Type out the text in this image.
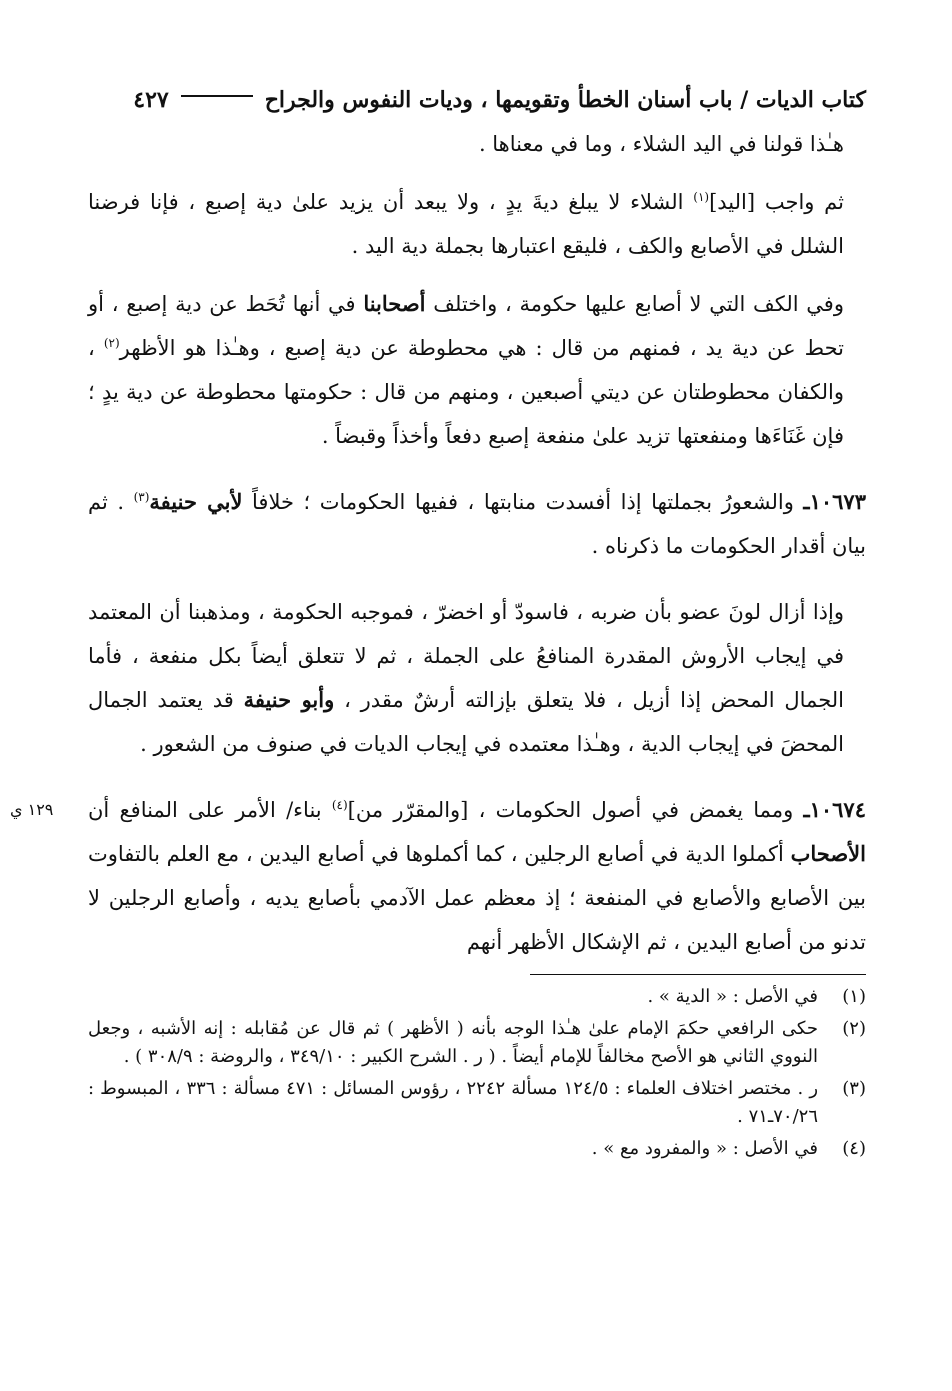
كتاب الديات / باب أسنان الخطأ وتقويمها ، وديات النفوس والجراح
٤٢٧

هـٰذا قولنا في اليد الشلاء ، وما في معناها .

ثم واجب [اليد]$^{(١)}$ الشلاء لا يبلغ ديةَ يدٍ ، ولا يبعد أن يزيد علىٰ دية إصبع ، فإنا فرضنا الشلل في الأصابع والكف ، فليقع اعتبارها بجملة دية اليد .

وفي الكف التي لا أصابع عليها حكومة ، واختلف أصحابنا في أنها تُحَط عن دية إصبع ، أو تحط عن دية يد ، فمنهم من قال : هي محطوطة عن دية إصبع ، وهـٰذا هو الأظهر$^{(٢)}$ ، والكفان محطوطتان عن ديتي أصبعين ، ومنهم من قال : حكومتها محطوطة عن دية يدٍ ؛ فإن غَنَاءَها ومنفعتها تزيد علىٰ منفعة إصبع دفعاً وأخذاً وقبضاً .

١٠٦٧٣ـ والشعورُ بجملتها إذا أفسدت منابتها ، ففيها الحكومات ؛ خلافاً لأبي حنيفة$^{(٣)}$ . ثم بيان أقدار الحكومات ما ذكرناه .

وإذا أزال لونَ عضو بأن ضربه ، فاسودّ أو اخضرّ ، فموجبه الحكومة ، ومذهبنا أن المعتمد في إيجاب الأروش المقدرة المنافعُ على الجملة ، ثم لا تتعلق أيضاً بكل منفعة ، فأما الجمال المحض إذا أزيل ، فلا يتعلق بإزالته أرشٌ مقدر ، وأبو حنيفة قد يعتمد الجمال المحضَ في إيجاب الدية ، وهـٰذا معتمده في إيجاب الديات في صنوف من الشعور .

١٢٩ ي	١٠٦٧٤ـ ومما يغمض في أصول الحكومات ، [والمقرّر من]$^{(٤)}$ بناء/ الأمر على المنافع أن الأصحاب أكملوا الدية في أصابع الرجلين ، كما أكملوها في أصابع اليدين ، مع العلم بالتفاوت بين الأصابع والأصابع في المنفعة ؛ إذ معظم عمل الآدمي بأصابع يديه ، وأصابع الرجلين لا تدنو من أصابع اليدين ، ثم الإشكال الأظهر أنهم

(١)
في الأصل : « الدية » .
(٢)
حكى الرافعي حكمَ الإمام علىٰ هـٰذا الوجه بأنه ( الأظهر ) ثم قال عن مُقابله : إنه الأشبه ، وجعل النووي الثاني هو الأصح مخالفاً للإمام أيضاً . ( ر . الشرح الكبير : ٣٤٩/١٠ ، والروضة : ٣٠٨/٩ ) .
(٣)
ر . مختصر اختلاف العلماء : ١٢٤/٥ مسألة ٢٢٤٢ ، رؤوس المسائل : ٤٧١ مسألة : ٣٣٦ ، المبسوط : ٧٠/٢٦ـ٧١ .
(٤)
في الأصل : « والمفرود مع » .
